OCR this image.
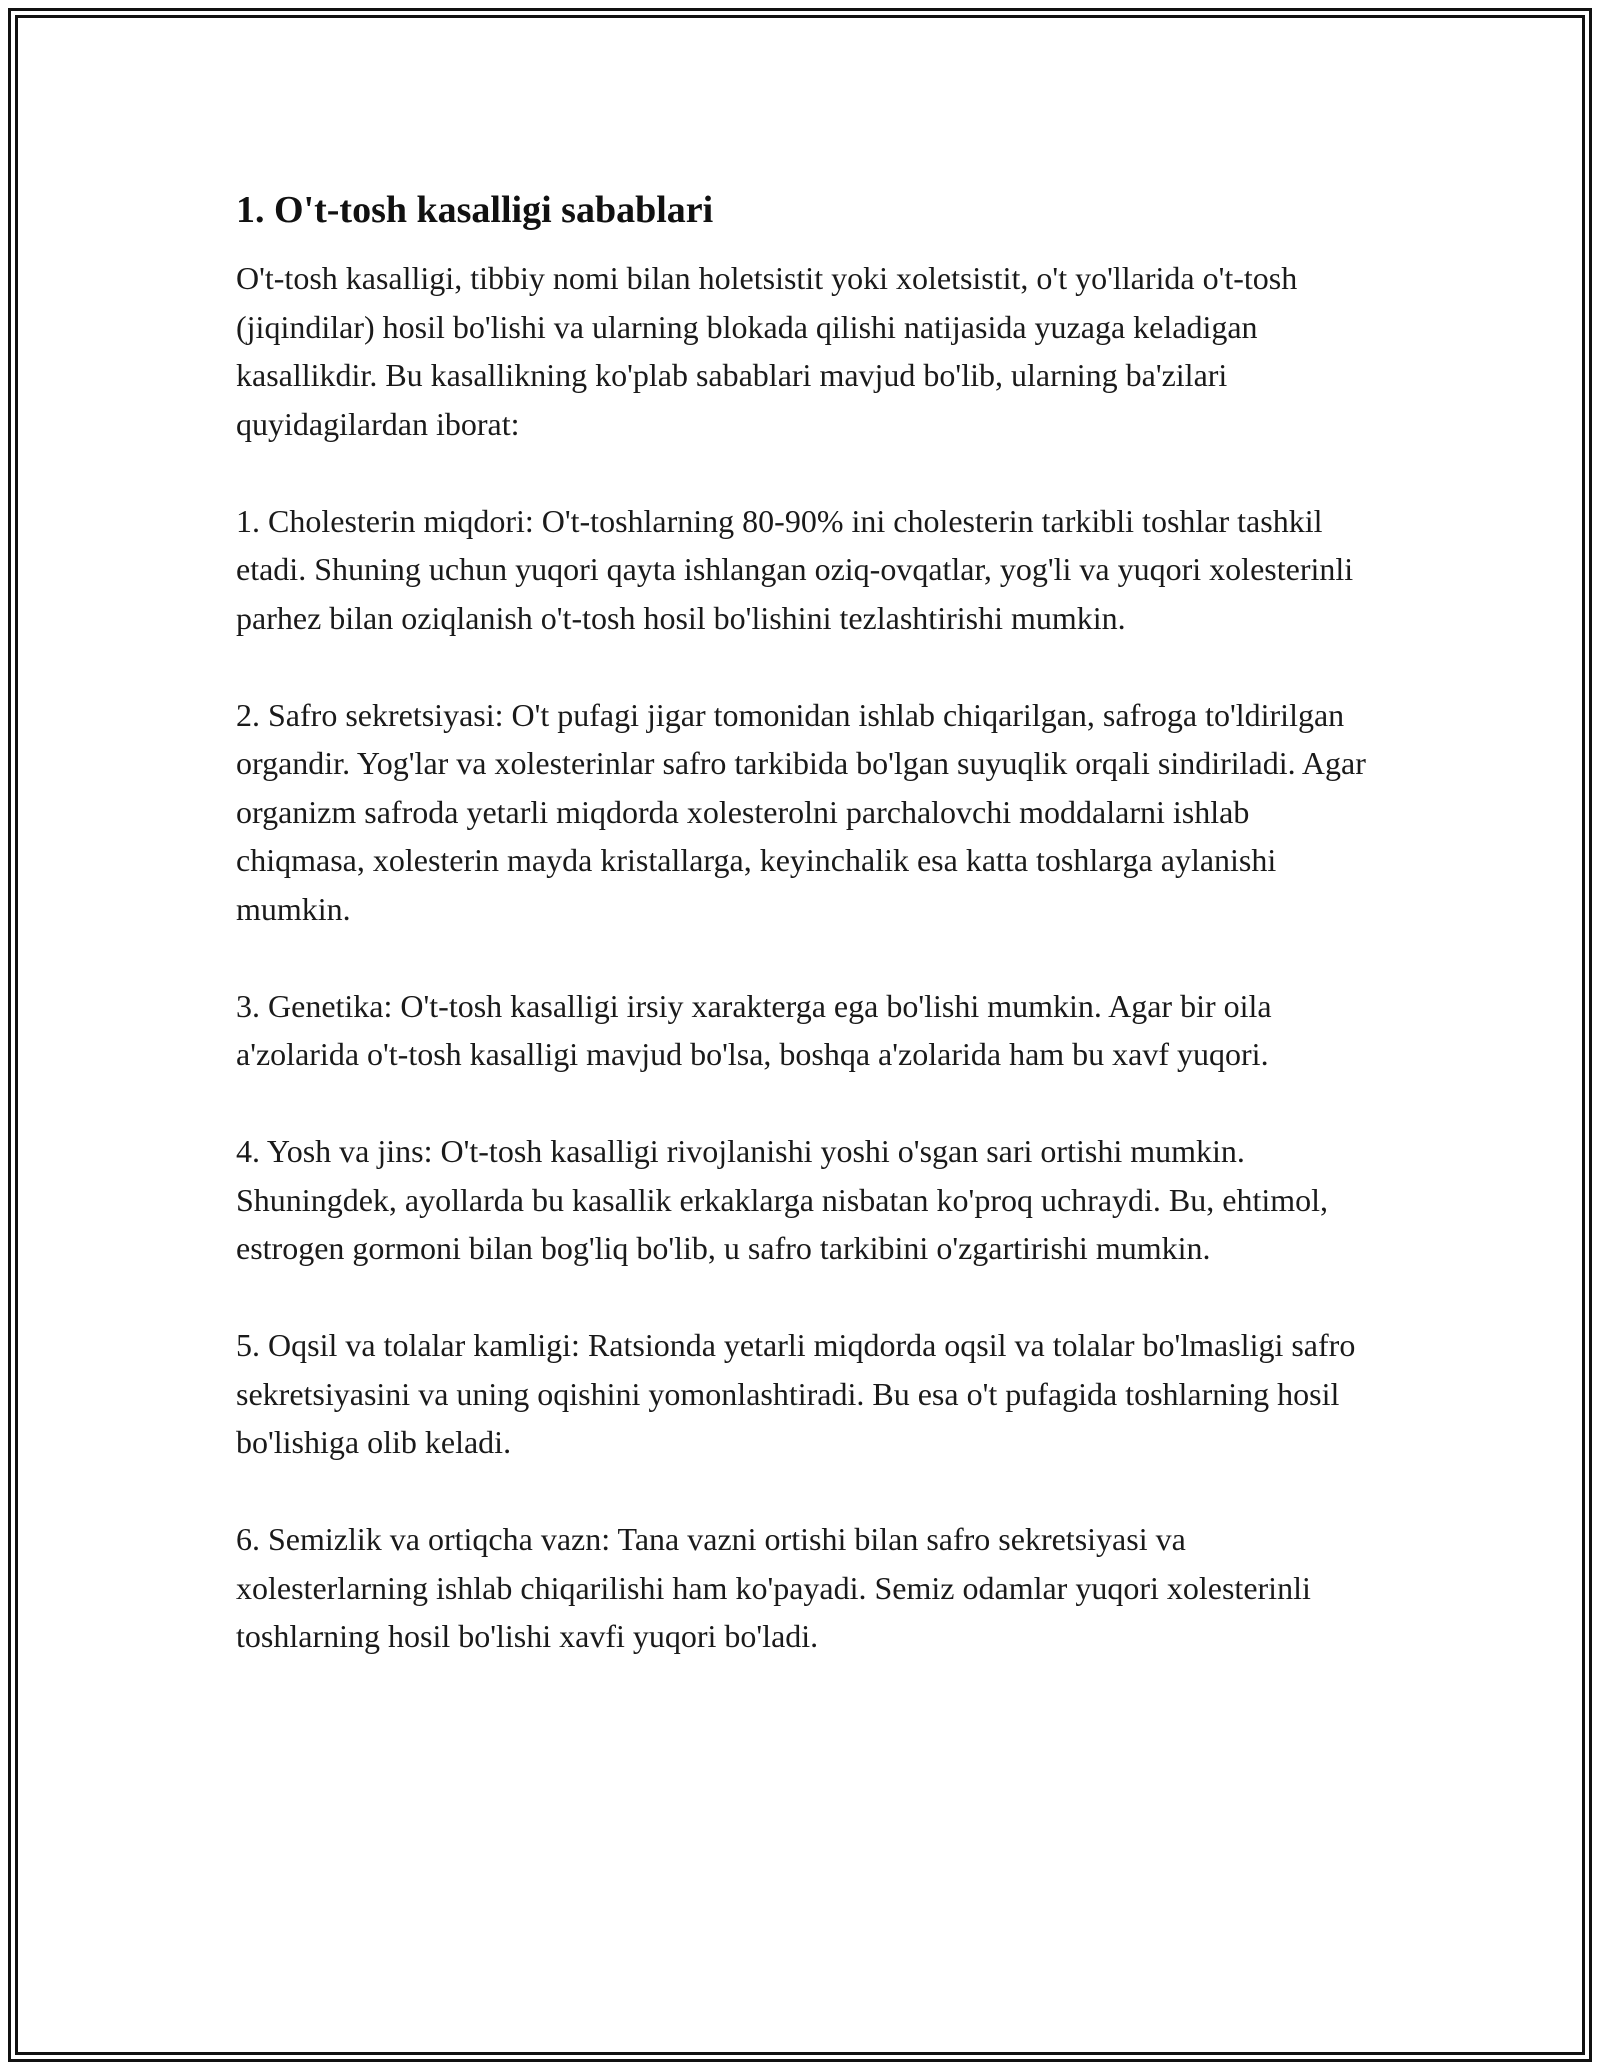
1. O't-tosh kasalligi sabablari

O't-tosh kasalligi, tibbiy nomi bilan holetsistit yoki xoletsistit, o't yo'llarida o't-tosh (jiqindilar) hosil bo'lishi va ularning blokada qilishi natijasida yuzaga keladigan kasallikdir. Bu kasallikning ko'plab sabablari mavjud bo'lib, ularning ba'zilari quyidagilardan iborat:

1. Cholesterin miqdori: O't-toshlarning 80-90% ini cholesterin tarkibli toshlar tashkil etadi. Shuning uchun yuqori qayta ishlangan oziq-ovqatlar, yog'li va yuqori xolesterinli parhez bilan oziqlanish o't-tosh hosil bo'lishini tezlashtirishi mumkin.

2. Safro sekretsiyasi: O't pufagi jigar tomonidan ishlab chiqarilgan, safroga to'ldirilgan organdir. Yog'lar va xolesterinlar safro tarkibida bo'lgan suyuqlik orqali sindiriladi. Agar organizm safroda yetarli miqdorda xolesterolni parchalovchi moddalarni ishlab chiqmasa, xolesterin mayda kristallarga, keyinchalik esa katta toshlarga aylanishi mumkin.

3. Genetika: O't-tosh kasalligi irsiy xarakterga ega bo'lishi mumkin. Agar bir oila a'zolarida o't-tosh kasalligi mavjud bo'lsa, boshqa a'zolarida ham bu xavf yuqori.

4. Yosh va jins: O't-tosh kasalligi rivojlanishi yoshi o'sgan sari ortishi mumkin. Shuningdek, ayollarda bu kasallik erkaklarga nisbatan ko'proq uchraydi. Bu, ehtimol, estrogen gormoni bilan bog'liq bo'lib, u safro tarkibini o'zgartirishi mumkin.

5. Oqsil va tolalar kamligi: Ratsionda yetarli miqdorda oqsil va tolalar bo'lmasligi safro sekretsiyasini va uning oqishini yomonlashtiradi. Bu esa o't pufagida toshlarning hosil bo'lishiga olib keladi.

6. Semizlik va ortiqcha vazn: Tana vazni ortishi bilan safro sekretsiyasi va xolesterlarning ishlab chiqarilishi ham ko'payadi. Semiz odamlar yuqori xolesterinli toshlarning hosil bo'lishi xavfi yuqori bo'ladi.
